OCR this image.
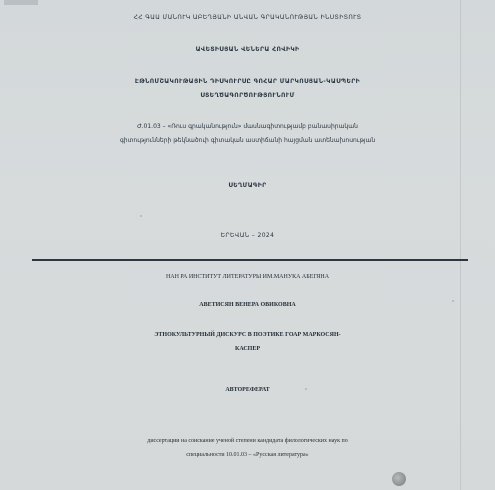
ՀՀ ԳԱԱ ՄԱՆՈՒԿ ԱԲԵՂՅԱՆԻ ԱՆՎԱՆ ԳՐԱԿԱՆՈՒԹՅԱՆ ԻՆՍՏԻՏՈՒՏ
ԱՎԵՏԻՍՅԱՆ ՎԵՆԵՐԱ ՀՈՎԻԿԻ
ԷԹՆՈՄՇԱԿՈՒԹԱՅԻՆ ԴԻՍԿՈՒՐՍԸ ԳՈՀԱՐ ՄԱՐԿՈՍՅԱՆ-ԿԱՍՊԵՐԻ
ՍՏԵՂԾԱԳՈՐԾՈՒԹՅՈՒՆՈՒՄ
Ժ.01.03 – «Ռուս գրականություն» մասնագիտությամբ բանասիրական
գիտությունների թեկնածուի գիտական աստիճանի հայցման ատենախոսության
ՍԵՂՄԱԳԻՐ
ԵՐԵՎԱՆ – 2024
НАН РА ИНСТИТУТ ЛИТЕРАТУРЫ ИМ.МАНУКА АБЕГЯНА
АВЕТИСЯН ВЕНЕРА ОВИКОВНА
ЭТНОКУЛЬТУРНЫЙ ДИСКУРС В ПОЭТИКЕ ГОАР МАРКОСЯН-
КАСПЕР
АВТОРЕФЕРАТ
диссертации на соискание ученой степени кандидата филологических наук по
специальности 10.01.03 – «Русская литература»
